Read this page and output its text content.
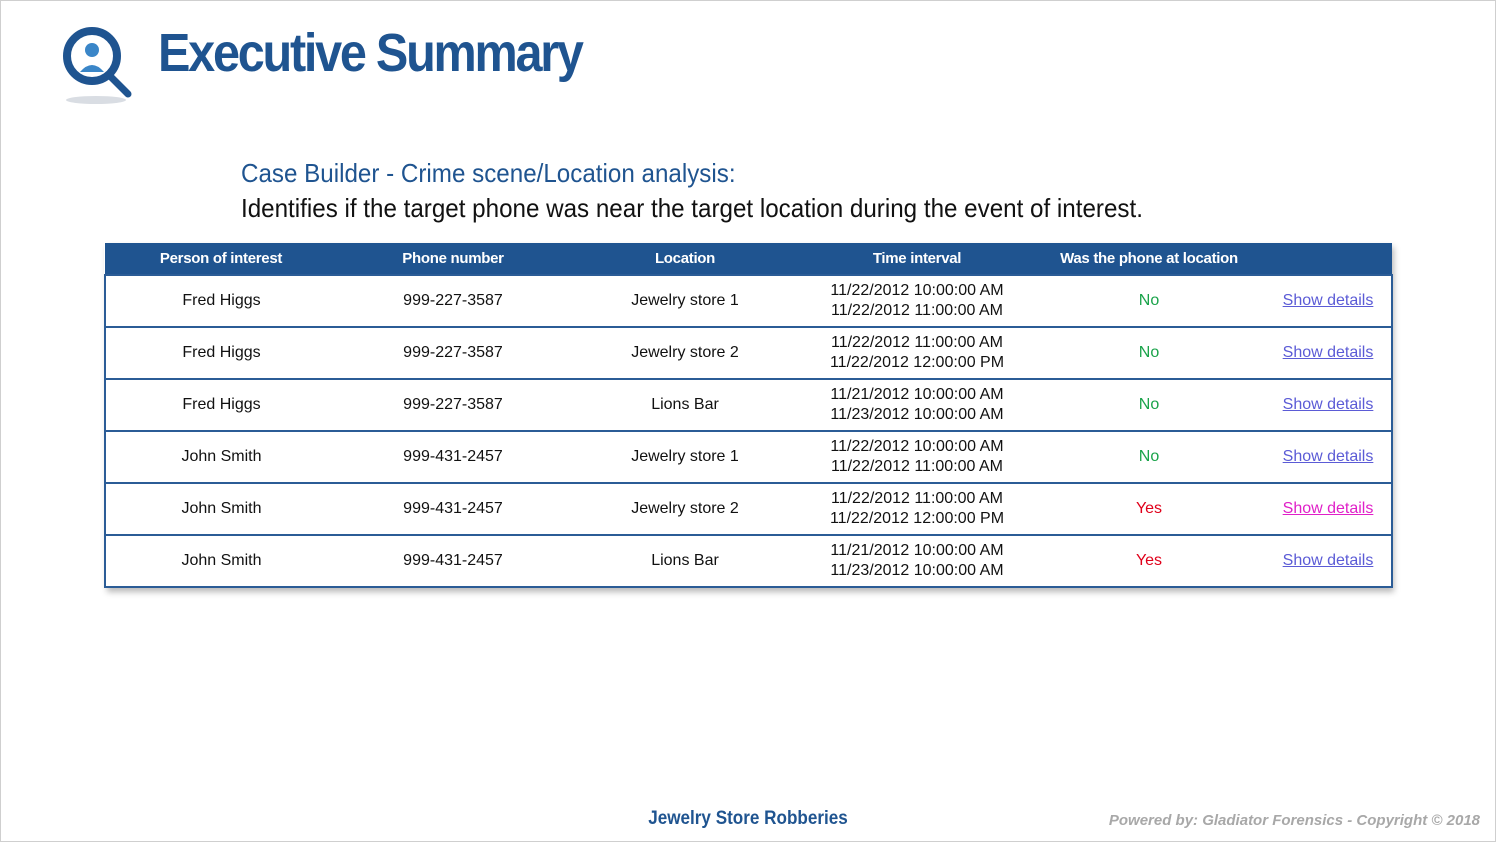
Executive Summary
Case Builder - Crime scene/Location analysis:
Identifies if the target phone was near the target location during the event of interest.
Person of interest	Phone number	Location	Time interval	Was the phone at location	
Fred Higgs	999-227-3587	Jewelry store 1	11/22/2012 10:00:00 AM
11/22/2012 11:00:00 AM	No	Show details
Fred Higgs	999-227-3587	Jewelry store 2	11/22/2012 11:00:00 AM
11/22/2012 12:00:00 PM	No	Show details
Fred Higgs	999-227-3587	Lions Bar	11/21/2012 10:00:00 AM
11/23/2012 10:00:00 AM	No	Show details
John Smith	999-431-2457	Jewelry store 1	11/22/2012 10:00:00 AM
11/22/2012 11:00:00 AM	No	Show details
John Smith	999-431-2457	Jewelry store 2	11/22/2012 11:00:00 AM
11/22/2012 12:00:00 PM	Yes	Show details
John Smith	999-431-2457	Lions Bar	11/21/2012 10:00:00 AM
11/23/2012 10:00:00 AM	Yes	Show details
Jewelry Store Robberies	Powered by: Gladiator Forensics - Copyright © 2018
